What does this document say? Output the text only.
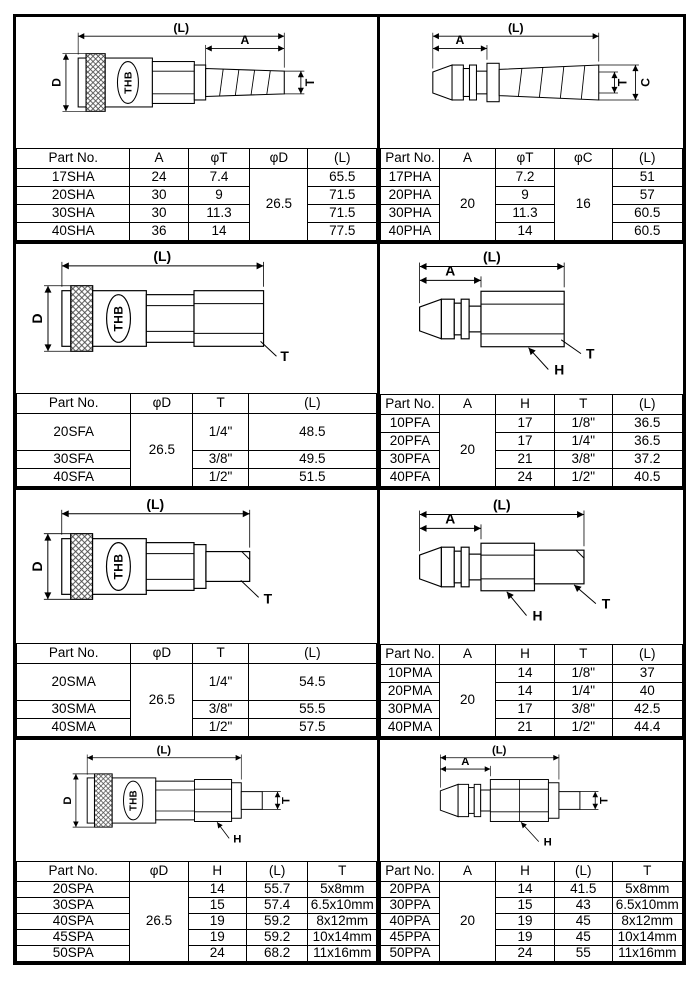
(L)
A
D	T
Part No.	A	φT	φD	(L)
17SHA	24	7.4	26.5	65.5
20SHA	30	9		71.5
30SHA	30	11.3		71.5
40SHA	36	14		77.5
(L)
A
T C
Part No.	A	φT	φC	(L)
17PHA	20	7.2	16	51
20PHA		9		57
30PHA		11.3		60.5
40PHA		14		60.5
T
(L)
D
Part No.	φD	T	(L)
20SFA	26.5	1/4"	48.5
30SFA		3/8"	49.5
40SFA		1/2"	51.5
(L)
A
T
H
Part No.	A	H	T	(L)
10PFA	20	17	1/8"	36.5
20PFA		17	1/4"	36.5
30PFA		21	3/8"	37.2
40PFA		24	1/2"	40.5
T
(L)
D
Part No.	φD	T	(L)
20SMA	26.5	1/4"	54.5
30SMA		3/8"	55.5
40SMA		1/2"	57.5
(L)
A
H
T
Part No.	A	H	T	(L)
10PMA	20	14	1/8"	37
20PMA		14	1/4"	40
30PMA		17	3/8"	42.5
40PMA		21	1/2"	44.4
T
H
(L)
D
Part No.	φD	H	(L)	T
20SPA	26.5	14	55.7	5x8mm
30SPA		15	57.4	6.5x10mm
40SPA		19	59.2	8x12mm
45SPA		19	59.2	10x14mm
50SPA		24	68.2	11x16mm
T
H
(L)
A
Part No.	A	H	(L)	T
20PPA	20	14	41.5	5x8mm
30PPA		15	43	6.5x10mm
40PPA		19	45	8x12mm
45PPA		19	45	10x14mm
50PPA		24	55	11x16mm
